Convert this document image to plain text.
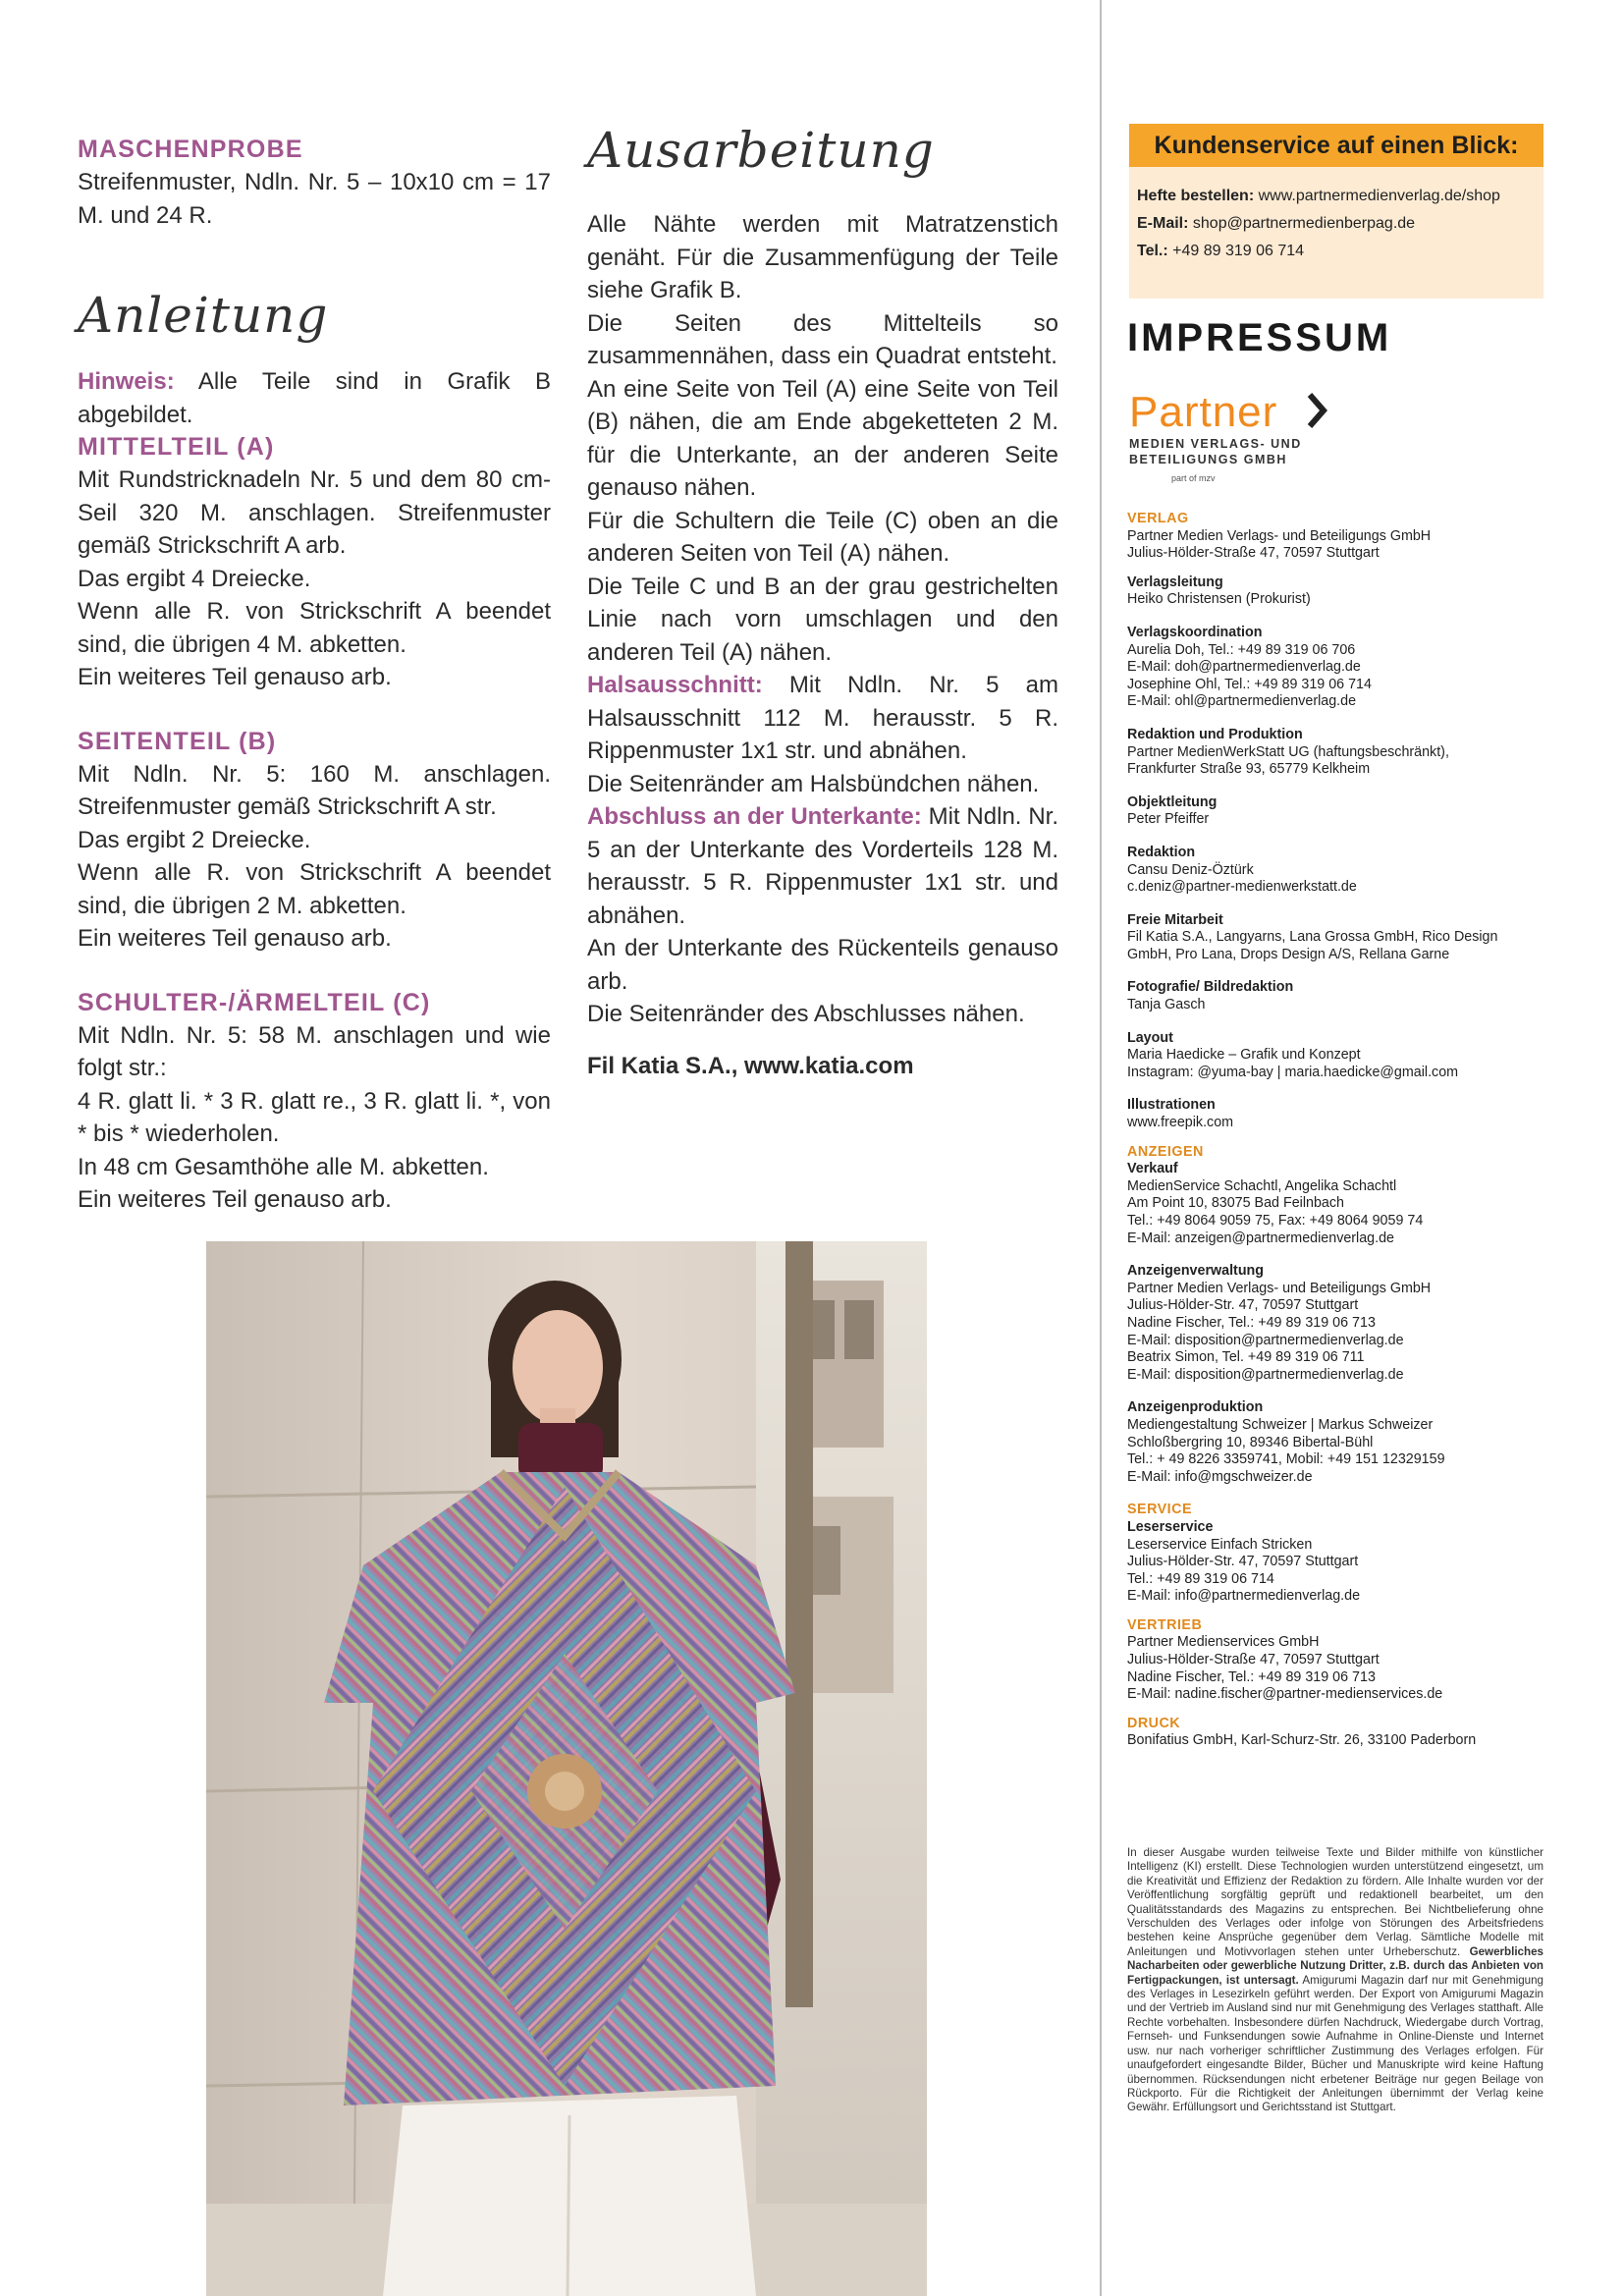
MASCHENPROBE

Streifenmuster, Ndln. Nr. 5 – 10x10 cm = 17 M. und 24 R.

Anleitung

Hinweis: Alle Teile sind in Grafik B abgebildet.

MITTELTEIL (A)

Mit Rundstricknadeln Nr. 5 und dem 80 cm-Seil 320 M. anschlagen. Streifenmuster gemäß Strickschrift A arb.

Das ergibt 4 Dreiecke.

Wenn alle R. von Strickschrift A beendet sind, die übrigen 4 M. abketten.

Ein weiteres Teil genauso arb.

SEITENTEIL (B)

Mit Ndln. Nr. 5: 160 M. anschlagen. Streifenmuster gemäß Strickschrift A str.

Das ergibt 2 Dreiecke.

Wenn alle R. von Strickschrift A beendet sind, die übrigen 2 M. abketten.

Ein weiteres Teil genauso arb.

SCHULTER-/ÄRMELTEIL (C)

Mit Ndln. Nr. 5: 58 M. anschlagen und wie folgt str.:

4 R. glatt li. * 3 R. glatt re., 3 R. glatt li. *, von * bis * wiederholen.

In 48 cm Gesamthöhe alle M. abketten.

Ein weiteres Teil genauso arb.

Ausarbeitung

Alle Nähte werden mit Matratzenstich genäht. Für die Zusammenfügung der Teile siehe Grafik B.

Die Seiten des Mittelteils so zusammennähen, dass ein Quadrat entsteht.

An eine Seite von Teil (A) eine Seite von Teil (B) nähen, die am Ende abgeketteten 2 M. für die Unterkante, an der anderen Seite genauso nähen.

Für die Schultern die Teile (C) oben an die anderen Seiten von Teil (A) nähen.

Die Teile C und B an der grau gestrichelten Linie nach vorn umschlagen und den anderen Teil (A) nähen.

Halsausschnitt: Mit Ndln. Nr. 5 am Halsausschnitt 112 M. herausstr. 5 R. Rippenmuster 1x1 str. und abnähen.

Die Seitenränder am Halsbündchen nähen.

Abschluss an der Unterkante: Mit Ndln. Nr. 5 an der Unterkante des Vorderteils 128 M. herausstr. 5 R. Rippenmuster 1x1 str. und abnähen.

An der Unterkante des Rückenteils genauso arb.

Die Seitenränder des Abschlusses nähen.

Fil Katia S.A., www.katia.com
Kundenservice auf einen Blick:
Hefte bestellen: www.partnermedienverlag.de/shop
E-Mail: shop@partnermedienberpag.de
Tel.: +49 89 319 06 714
IMPRESSUM
Partner
MEDIEN VERLAGS- UND
BETEILIGUNGS GMBH
part of mzv
VERLAG
Partner Medien Verlags- und Beteiligungs GmbH
Julius-Hölder-Straße 47, 70597 Stuttgart
Verlagsleitung
Heiko Christensen (Prokurist)
Verlagskoordination
Aurelia Doh, Tel.: +49 89 319 06 706
E-Mail: doh@partnermedienverlag.de
Josephine Ohl, Tel.: +49 89 319 06 714
E-Mail: ohl@partnermedienverlag.de
Redaktion und Produktion
Partner MedienWerkStatt UG (haftungsbeschränkt),
Frankfurter Straße 93, 65779 Kelkheim
Objektleitung
Peter Pfeiffer
Redaktion
Cansu Deniz-Öztürk
c.deniz@partner-medienwerkstatt.de
Freie Mitarbeit
Fil Katia S.A., Langyarns, Lana Grossa GmbH, Rico Design
GmbH, Pro Lana, Drops Design A/S, Rellana Garne
Fotografie/ Bildredaktion
Tanja Gasch
Layout
Maria Haedicke – Grafik und Konzept
Instagram: @yuma-bay | maria.haedicke@gmail.com
Illustrationen
www.freepik.com
ANZEIGEN
Verkauf
MedienService Schachtl, Angelika Schachtl
Am Point 10, 83075 Bad Feilnbach
Tel.: +49 8064 9059 75, Fax: +49 8064 9059 74
E-Mail: anzeigen@partnermedienverlag.de
Anzeigenverwaltung
Partner Medien Verlags- und Beteiligungs GmbH
Julius-Hölder-Str. 47, 70597 Stuttgart
Nadine Fischer, Tel.: +49 89 319 06 713
E-Mail: disposition@partnermedienverlag.de
Beatrix Simon, Tel. +49 89 319 06 711
E-Mail: disposition@partnermedienverlag.de
Anzeigenproduktion
Mediengestaltung Schweizer | Markus Schweizer
Schloßbergring 10, 89346 Bibertal-Bühl
Tel.: + 49 8226 3359741, Mobil: +49 151 12329159
E-Mail: info@mgschweizer.de
SERVICE
Leserservice
Leserservice Einfach Stricken
Julius-Hölder-Str. 47, 70597 Stuttgart
Tel.: +49 89 319 06 714
E-Mail: info@partnermedienverlag.de
VERTRIEB
Partner Medienservices GmbH
Julius-Hölder-Straße 47, 70597 Stuttgart
Nadine Fischer, Tel.: +49 89 319 06 713
E-Mail: nadine.fischer@partner-medienservices.de
DRUCK
Bonifatius GmbH, Karl-Schurz-Str. 26, 33100 Paderborn
In dieser Ausgabe wurden teilweise Texte und Bilder mithilfe von künstlicher Intelligenz (KI) erstellt. Diese Technologien wurden unterstützend eingesetzt, um die Kreativität und Effizienz der Redaktion zu fördern. Alle Inhalte wurden vor der Veröffentlichung sorgfältig geprüft und redaktionell bearbeitet, um den Qualitätsstandards des Magazins zu entsprechen. Bei Nichtbelieferung ohne Verschulden des Verlages oder infolge von Störungen des Arbeitsfriedens bestehen keine Ansprüche gegenüber dem Verlag. Sämtliche Modelle mit Anleitungen und Motivvorlagen stehen unter Urheberschutz. Gewerbliches Nacharbeiten oder gewerbliche Nutzung Dritter, z.B. durch das Anbieten von Fertigpackungen, ist untersagt. Amigurumi Magazin darf nur mit Genehmigung des Verlages in Lesezirkeln geführt werden. Der Export von Amigurumi Magazin und der Vertrieb im Ausland sind nur mit Genehmigung des Verlages statthaft. Alle Rechte vorbehalten. Insbesondere dürfen Nachdruck, Wiedergabe durch Vortrag, Fernseh- und Funksendungen sowie Aufnahme in Online-Dienste und Internet usw. nur nach vorheriger schriftlicher Zustimmung des Verlages erfolgen. Für unaufgefordert eingesandte Bilder, Bücher und Manuskripte wird keine Haftung übernommen. Rücksendungen nicht erbetener Beiträge nur gegen Beilage von Rückporto. Für die Richtigkeit der Anleitungen übernimmt der Verlag keine Gewähr. Erfüllungsort und Gerichtsstand ist Stuttgart.
